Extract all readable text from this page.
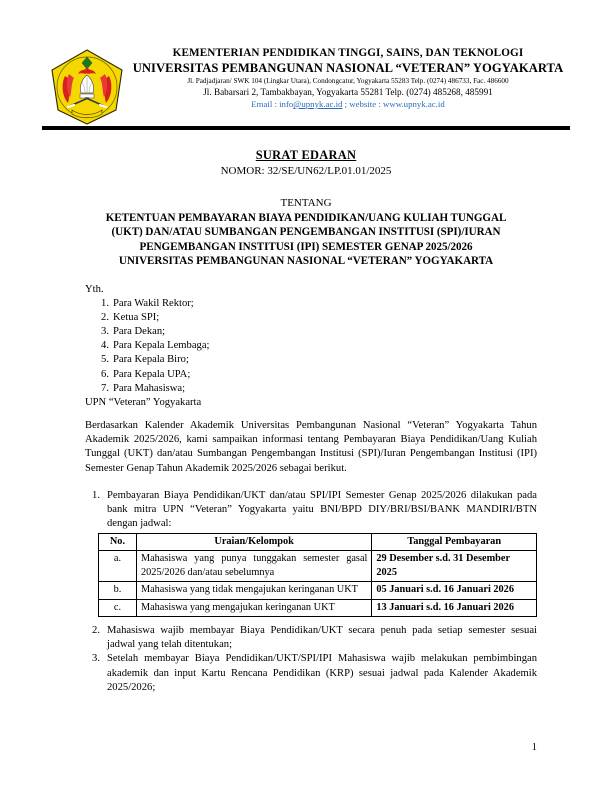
KEMENTERIAN PENDIDIKAN TINGGI, SAINS, DAN TEKNOLOGI
UNIVERSITAS PEMBANGUNAN NASIONAL “VETERAN” YOGYAKARTA
Jl. Padjadjaran/ SWK 104 (Lingkar Utara), Condongcatur, Yogyakarta 55283 Telp. (0274) 486733, Fac. 486600
Jl. Babarsari 2, Tambakbayan, Yogyakarta 55281 Telp. (0274) 485268, 485991
Email : info@upnyk.ac.id ; website : www.upnyk.ac.id
SURAT EDARAN
NOMOR: 32/SE/UN62/LP.01.01/2025
TENTANG
KETENTUAN PEMBAYARAN BIAYA PENDIDIKAN/UANG KULIAH TUNGGAL
(UKT) DAN/ATAU SUMBANGAN PENGEMBANGAN INSTITUSI (SPI)/IURAN
PENGEMBANGAN INSTITUSI (IPI) SEMESTER GENAP 2025/2026
UNIVERSITAS PEMBANGUNAN NASIONAL “VETERAN” YOGYAKARTA
Yth.
1. Para Wakil Rektor;
2. Ketua SPI;
3. Para Dekan;
4. Para Kepala Lembaga;
5. Para Kepala Biro;
6. Para Kepala UPA;
7. Para Mahasiswa;
UPN “Veteran” Yogyakarta
Berdasarkan Kalender Akademik Universitas Pembangunan Nasional “Veteran” Yogyakarta Tahun Akademik 2025/2026, kami sampaikan informasi tentang Pembayaran Biaya Pendidikan/Uang Kuliah Tunggal (UKT) dan/atau Sumbangan Pengembangan Institusi (SPI)/Iuran Pengembangan Institusi (IPI) Semester Genap Tahun Akademik 2025/2026 sebagai berikut.
1. Pembayaran Biaya Pendidikan/UKT dan/atau SPI/IPI Semester Genap 2025/2026 dilakukan pada bank mitra UPN “Veteran” Yogyakarta yaitu BNI/BPD DIY/BRI/BSI/BANK MANDIRI/BTN dengan jadwal:
No.	Uraian/Kelompok	Tanggal Pembayaran
a.	Mahasiswa yang punya tunggakan semester gasal 2025/2026 dan/atau sebelumnya	29 Desember s.d. 31 Desember 2025
b.	Mahasiswa yang tidak mengajukan keringanan UKT	05 Januari s.d. 16 Januari 2026
c.	Mahasiswa yang mengajukan keringanan UKT	13 Januari s.d. 16 Januari 2026
2. Mahasiswa wajib membayar Biaya Pendidikan/UKT secara penuh pada setiap semester sesuai jadwal yang telah ditentukan;
3. Setelah membayar Biaya Pendidikan/UKT/SPI/IPI Mahasiswa wajib melakukan pembimbingan akademik dan input Kartu Rencana Pendidikan (KRP) sesuai jadwal pada Kalender Akademik 2025/2026;
1
